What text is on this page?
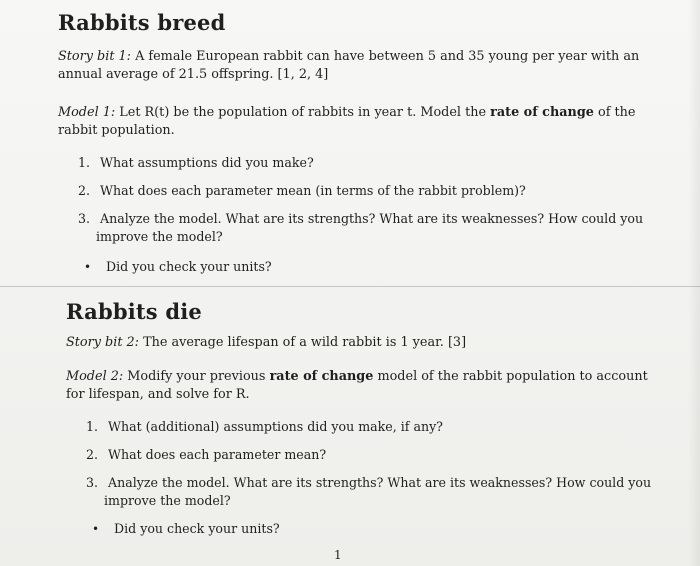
Rabbits breed
Story bit 1: A female European rabbit can have between 5 and 35 young per year with an
annual average of 21.5 offspring. [1, 2, 4]
Model 1: Let R(t) be the population of rabbits in year t. Model the rate of change of the
rabbit population.
1. What assumptions did you make?
2. What does each parameter mean (in terms of the rabbit problem)?
3. Analyze the model. What are its strengths? What are its weaknesses? How could you
improve the model?
• Did you check your units?
Rabbits die
Story bit 2: The average lifespan of a wild rabbit is 1 year. [3]
Model 2: Modify your previous rate of change model of the rabbit population to account
for lifespan, and solve for R.
1. What (additional) assumptions did you make, if any?
2. What does each parameter mean?
3. Analyze the model. What are its strengths? What are its weaknesses? How could you
improve the model?
• Did you check your units?
1
